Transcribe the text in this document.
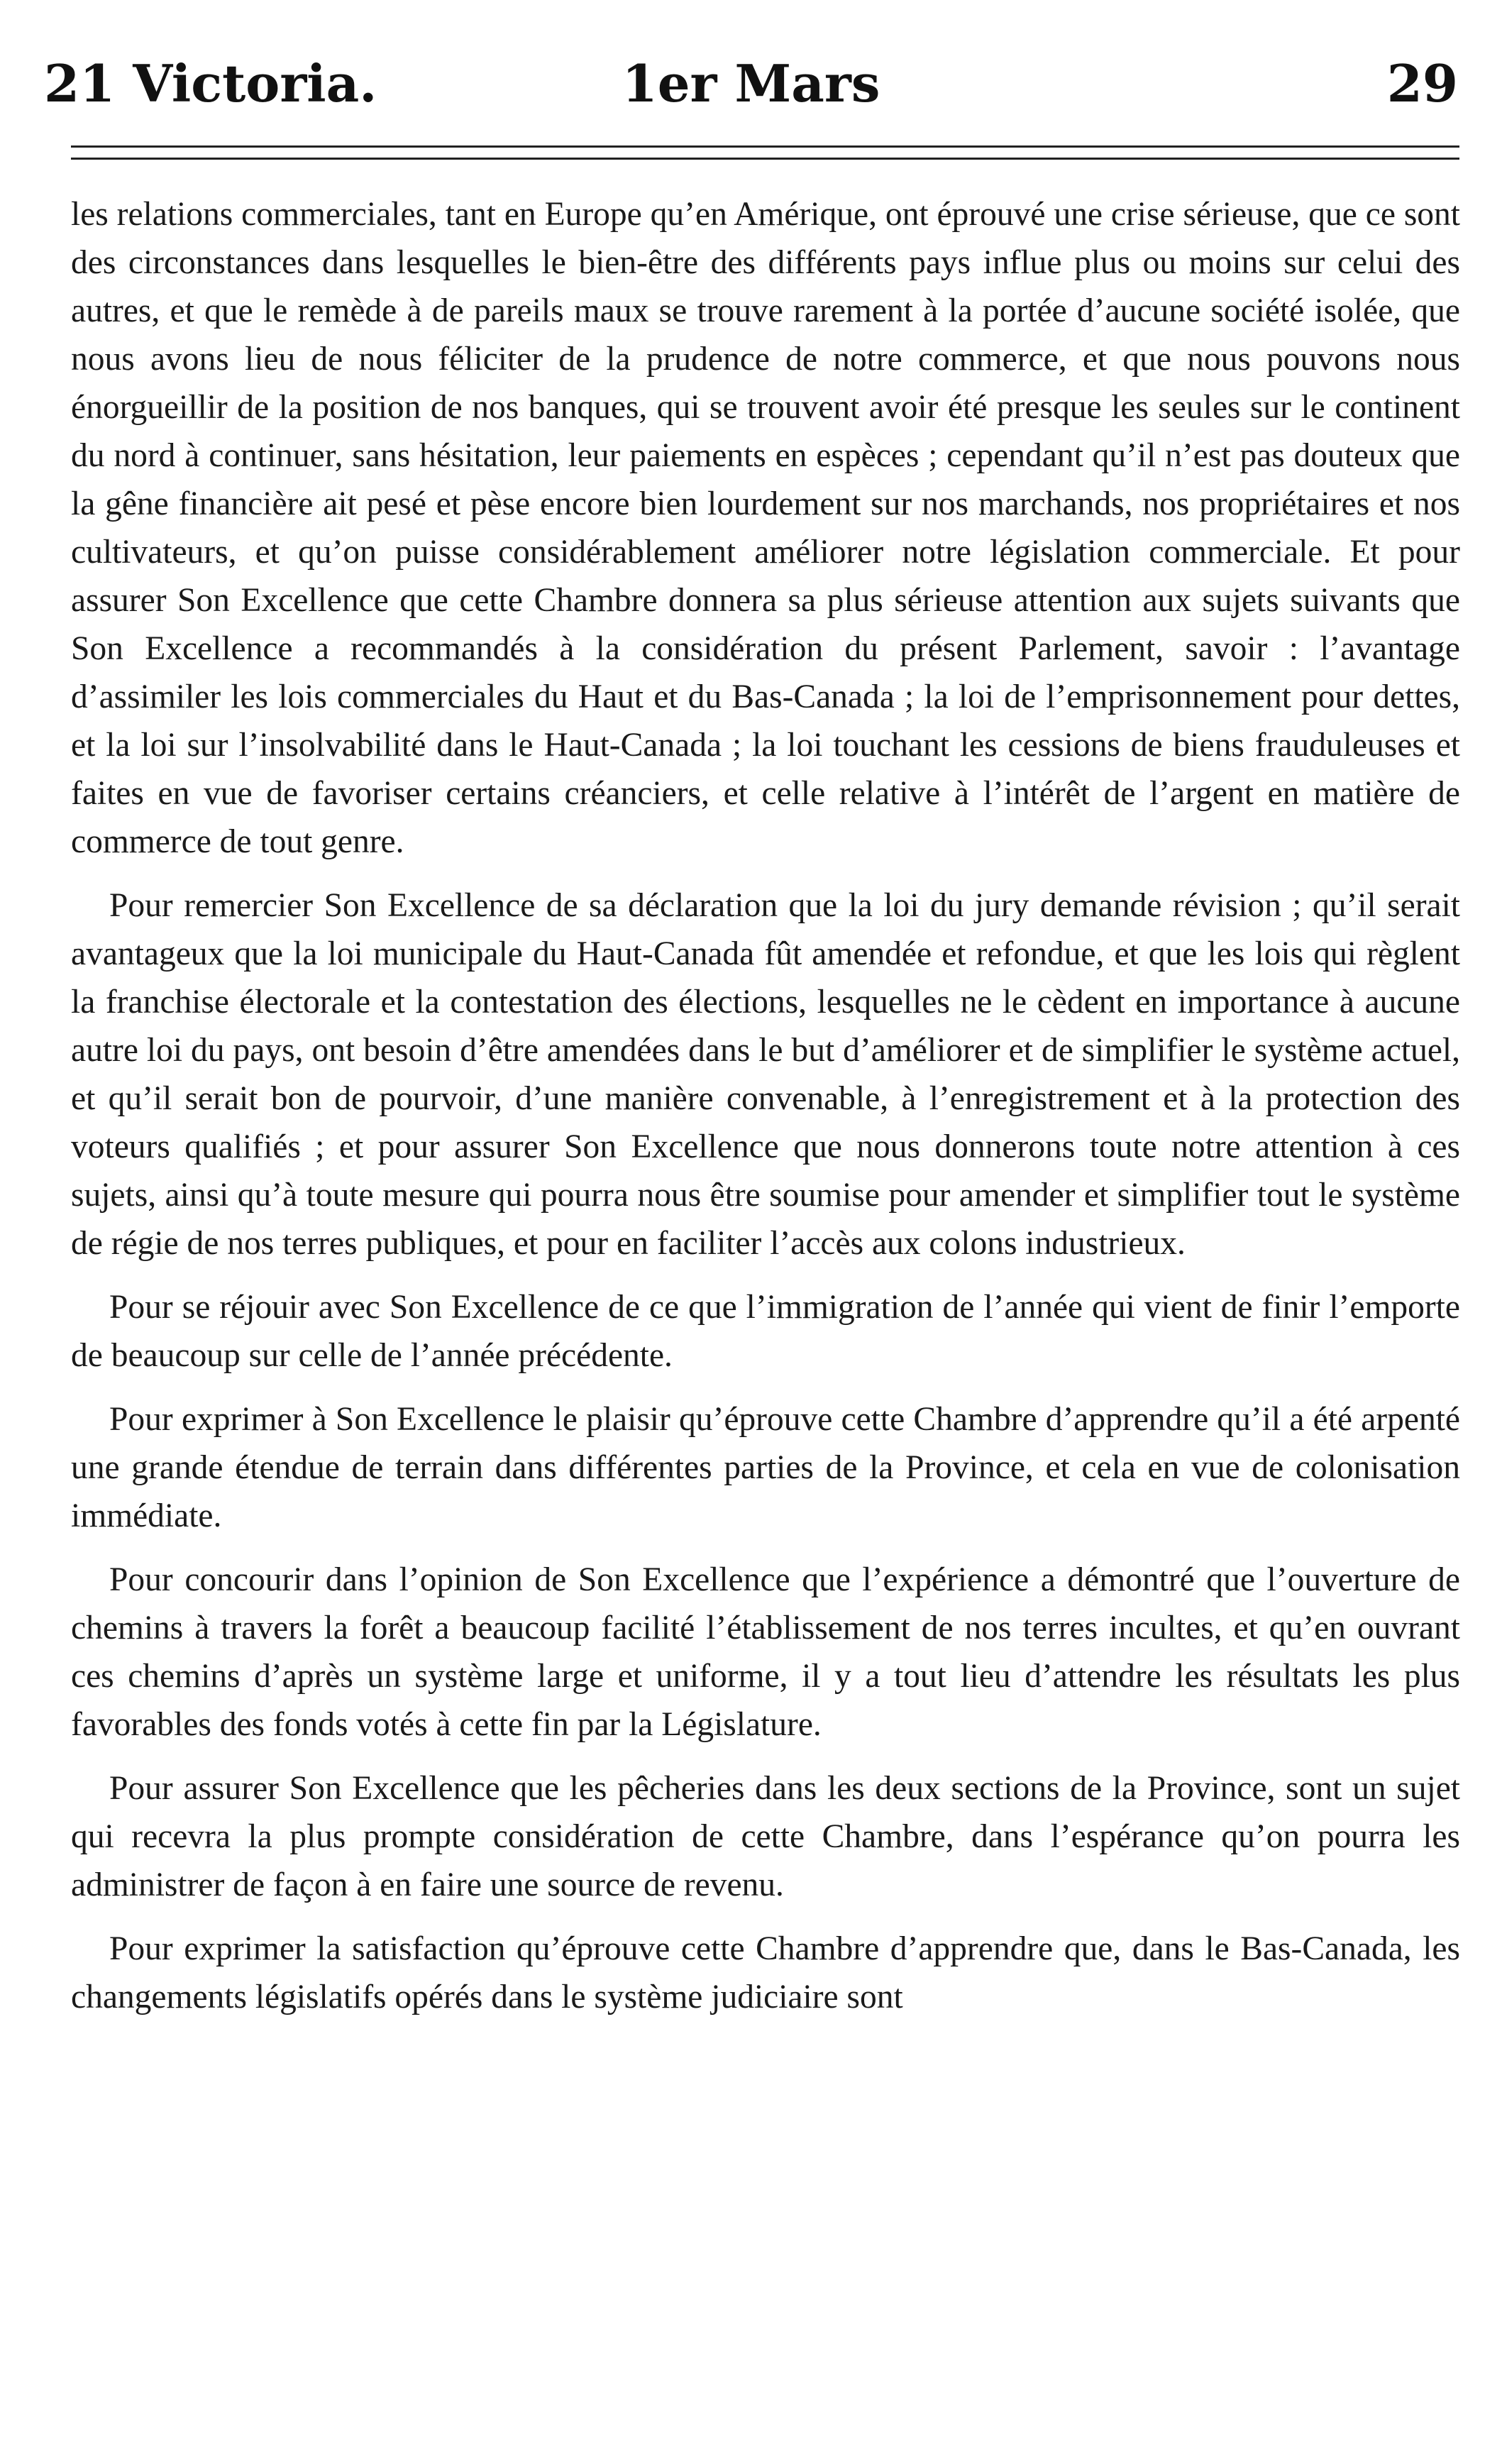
21 Victoria.	1er Mars	29

les relations commerciales, tant en Europe qu’en Amérique, ont éprouvé une crise sérieuse, que ce sont des circonstances dans lesquelles le bien-être des différents pays influe plus ou moins sur celui des autres, et que le remède à de pareils maux se trouve rarement à la portée d’aucune société isolée, que nous avons lieu de nous féliciter de la prudence de notre commerce, et que nous pouvons nous énorgueillir de la position de nos banques, qui se trouvent avoir été presque les seules sur le continent du nord à continuer, sans hésitation, leur paiements en espèces ; cependant qu’il n’est pas douteux que la gêne financière ait pesé et pèse encore bien lourdement sur nos marchands, nos propriétaires et nos cultivateurs, et qu’on puisse considérablement améliorer notre législation commerciale. Et pour assurer Son Excellence que cette Chambre donnera sa plus sérieuse attention aux sujets suivants que Son Excellence a recommandés à la considération du présent Parlement, savoir : l’avantage d’assimiler les lois commerciales du Haut et du Bas-Canada ; la loi de l’emprisonnement pour dettes, et la loi sur l’insolvabilité dans le Haut-Canada ; la loi touchant les cessions de biens frauduleuses et faites en vue de favoriser certains créanciers, et celle relative à l’intérêt de l’argent en matière de commerce de tout genre.

Pour remercier Son Excellence de sa déclaration que la loi du jury demande révision ; qu’il serait avantageux que la loi municipale du Haut-Canada fût amendée et refondue, et que les lois qui règlent la franchise électorale et la contestation des élections, lesquelles ne le cèdent en importance à aucune autre loi du pays, ont besoin d’être amendées dans le but d’améliorer et de simplifier le système actuel, et qu’il serait bon de pourvoir, d’une manière convenable, à l’enregistrement et à la protection des voteurs qualifiés ; et pour assurer Son Excellence que nous donnerons toute notre attention à ces sujets, ainsi qu’à toute mesure qui pourra nous être soumise pour amender et simplifier tout le système de régie de nos terres publiques, et pour en faciliter l’accès aux colons industrieux.

Pour se réjouir avec Son Excellence de ce que l’immigration de l’année qui vient de finir l’emporte de beaucoup sur celle de l’année précédente.

Pour exprimer à Son Excellence le plaisir qu’éprouve cette Chambre d’apprendre qu’il a été arpenté une grande étendue de terrain dans différentes parties de la Province, et cela en vue de colonisation immédiate.

Pour concourir dans l’opinion de Son Excellence que l’expérience a démontré que l’ouverture de chemins à travers la forêt a beaucoup facilité l’établissement de nos terres incultes, et qu’en ouvrant ces chemins d’après un système large et uniforme, il y a tout lieu d’attendre les résultats les plus favorables des fonds votés à cette fin par la Législature.

Pour assurer Son Excellence que les pêcheries dans les deux sections de la Province, sont un sujet qui recevra la plus prompte considération de cette Chambre, dans l’espérance qu’on pourra les administrer de façon à en faire une source de revenu.

Pour exprimer la satisfaction qu’éprouve cette Chambre d’apprendre que, dans le Bas-Canada, les changements législatifs opérés dans le système judiciaire sont
